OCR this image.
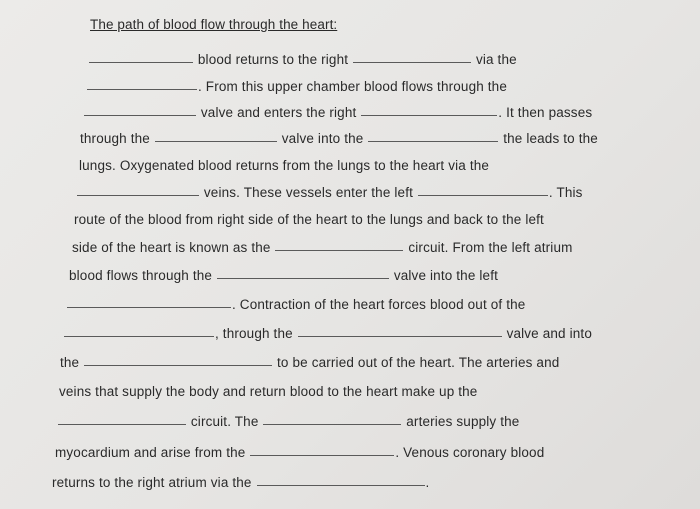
The path of blood flow through the heart:
blood returns to the right	via the
. From this upper chamber blood flows through the
valve and enters the right	. It then passes
through the	valve into the	the leads to the
lungs. Oxygenated blood returns from the lungs to the heart via the
veins. These vessels enter the left	. This
route of the blood from right side of the heart to the lungs and back to the left
side of the heart is known as the	circuit. From the left atrium
blood flows through the	valve into the left
. Contraction of the heart forces blood out of the
, through the	valve and into
the	to be carried out of the heart. The arteries and
veins that supply the body and return blood to the heart make up the
circuit. The	arteries supply the
myocardium and arise from the	. Venous coronary blood
returns to the right atrium via the	.
